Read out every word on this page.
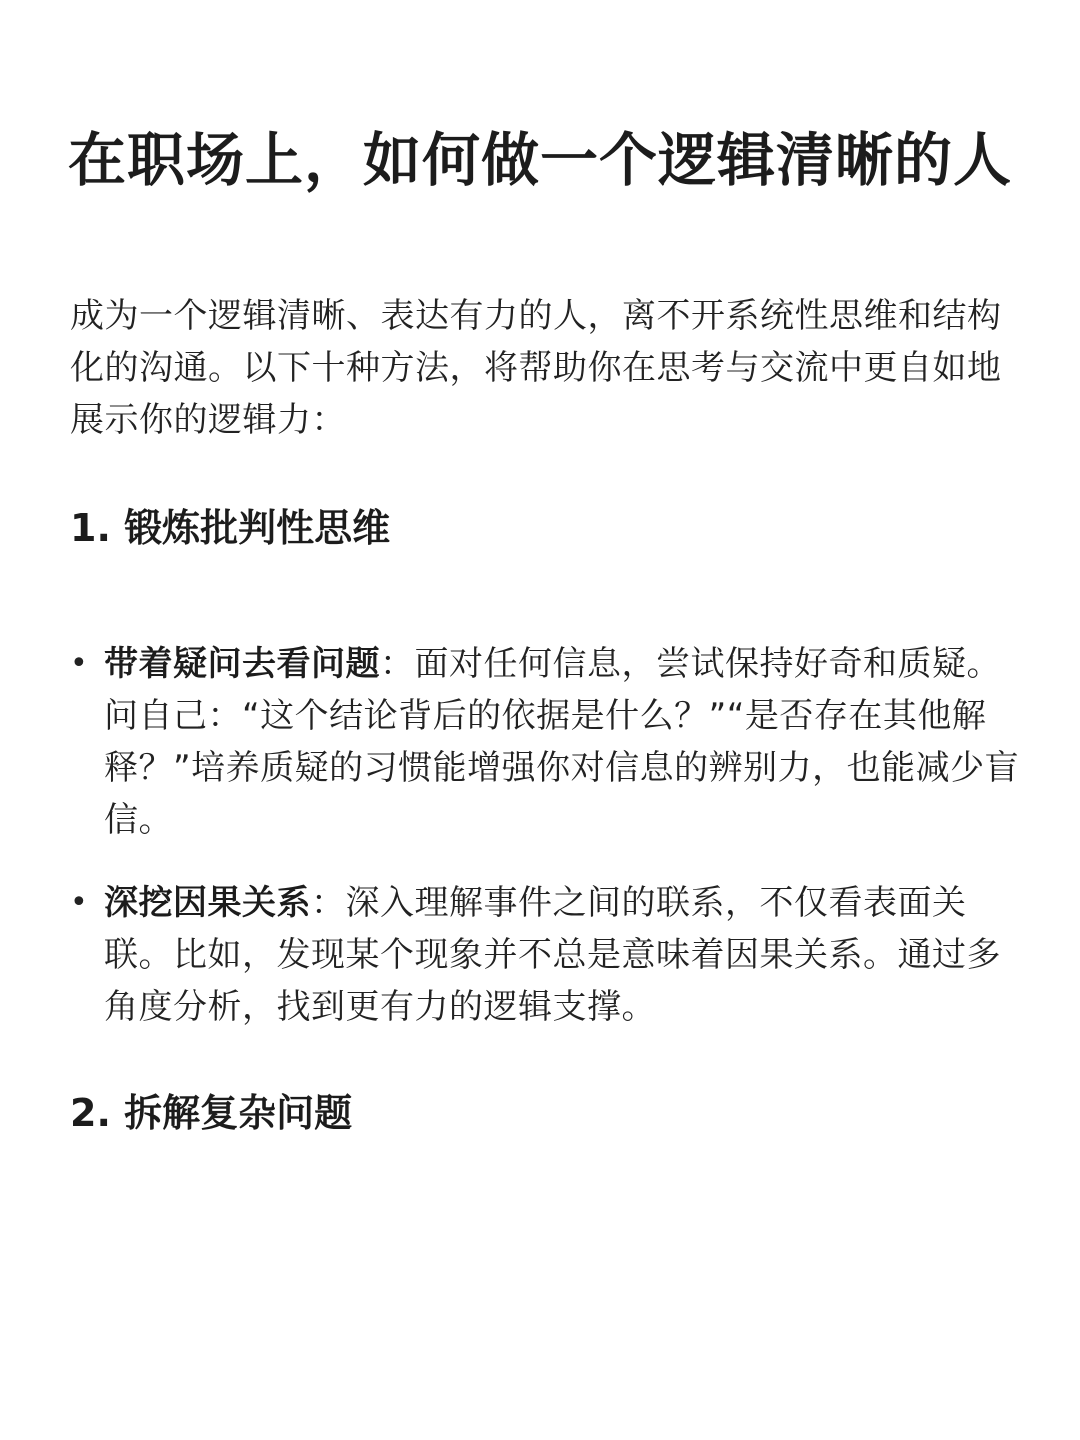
在职场上，如何做一个逻辑清晰的人
成为一个逻辑清晰、表达有力的人，离不开系统性思维和结构化的沟通。以下十种方法，将帮助你在思考与交流中更自如地展示你的逻辑力：
1. 锻炼批判性思维
• 带着疑问去看问题：面对任何信息，尝试保持好奇和质疑。问自己：“这个结论背后的依据是什么？”“是否存在其他解释？”培养质疑的习惯能增强你对信息的辨别力，也能减少盲信。
• 深挖因果关系：深入理解事件之间的联系，不仅看表面关联。比如，发现某个现象并不总是意味着因果关系。通过多角度分析，找到更有力的逻辑支撑。
2. 拆解复杂问题
